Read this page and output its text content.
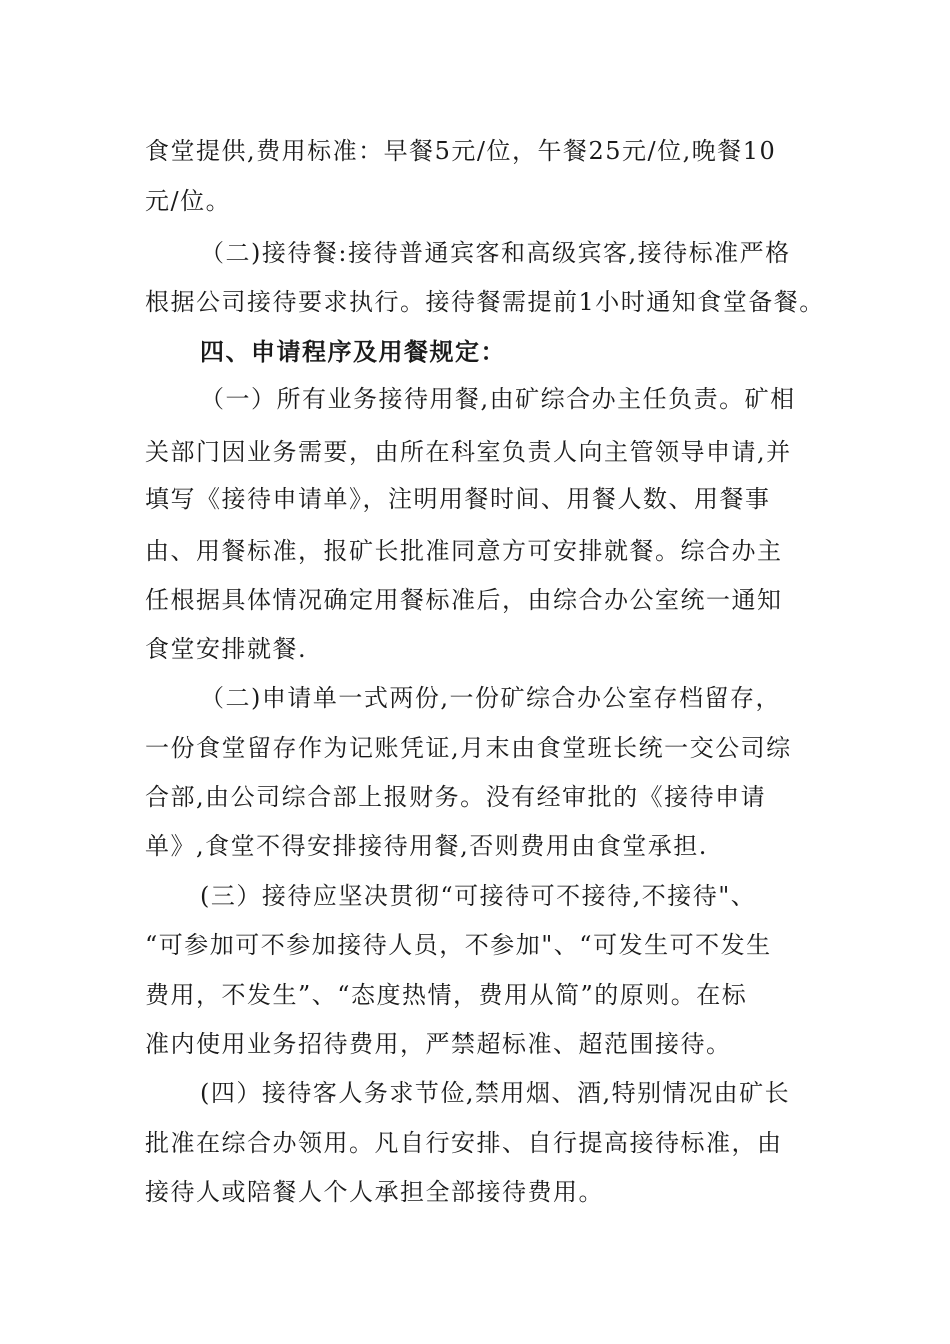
食堂提供,费用标准：早餐5元/位，午餐25元/位,晚餐10
元/位。
（二)接待餐:接待普通宾客和高级宾客,接待标准严格
根据公司接待要求执行。接待餐需提前1小时通知食堂备餐。
四、申请程序及用餐规定：
（一）所有业务接待用餐,由矿综合办主任负责。矿相
关部门因业务需要，由所在科室负责人向主管领导申请,并
填写《接待申请单》，注明用餐时间、用餐人数、用餐事
由、用餐标准，报矿长批准同意方可安排就餐。综合办主
任根据具体情况确定用餐标准后，由综合办公室统一通知
食堂安排就餐.
（二)申请单一式两份,一份矿综合办公室存档留存，
一份食堂留存作为记账凭证,月末由食堂班长统一交公司综
合部,由公司综合部上报财务。没有经审批的《接待申请
单》,食堂不得安排接待用餐,否则费用由食堂承担.
(三）接待应坚决贯彻“可接待可不接待,不接待"、
“可参加可不参加接待人员，不参加"、“可发生可不发生
费用，不发生”、“态度热情，费用从简”的原则。在标
准内使用业务招待费用，严禁超标准、超范围接待。
(四）接待客人务求节俭,禁用烟、酒,特别情况由矿长
批准在综合办领用。凡自行安排、自行提高接待标准，由
接待人或陪餐人个人承担全部接待费用。
